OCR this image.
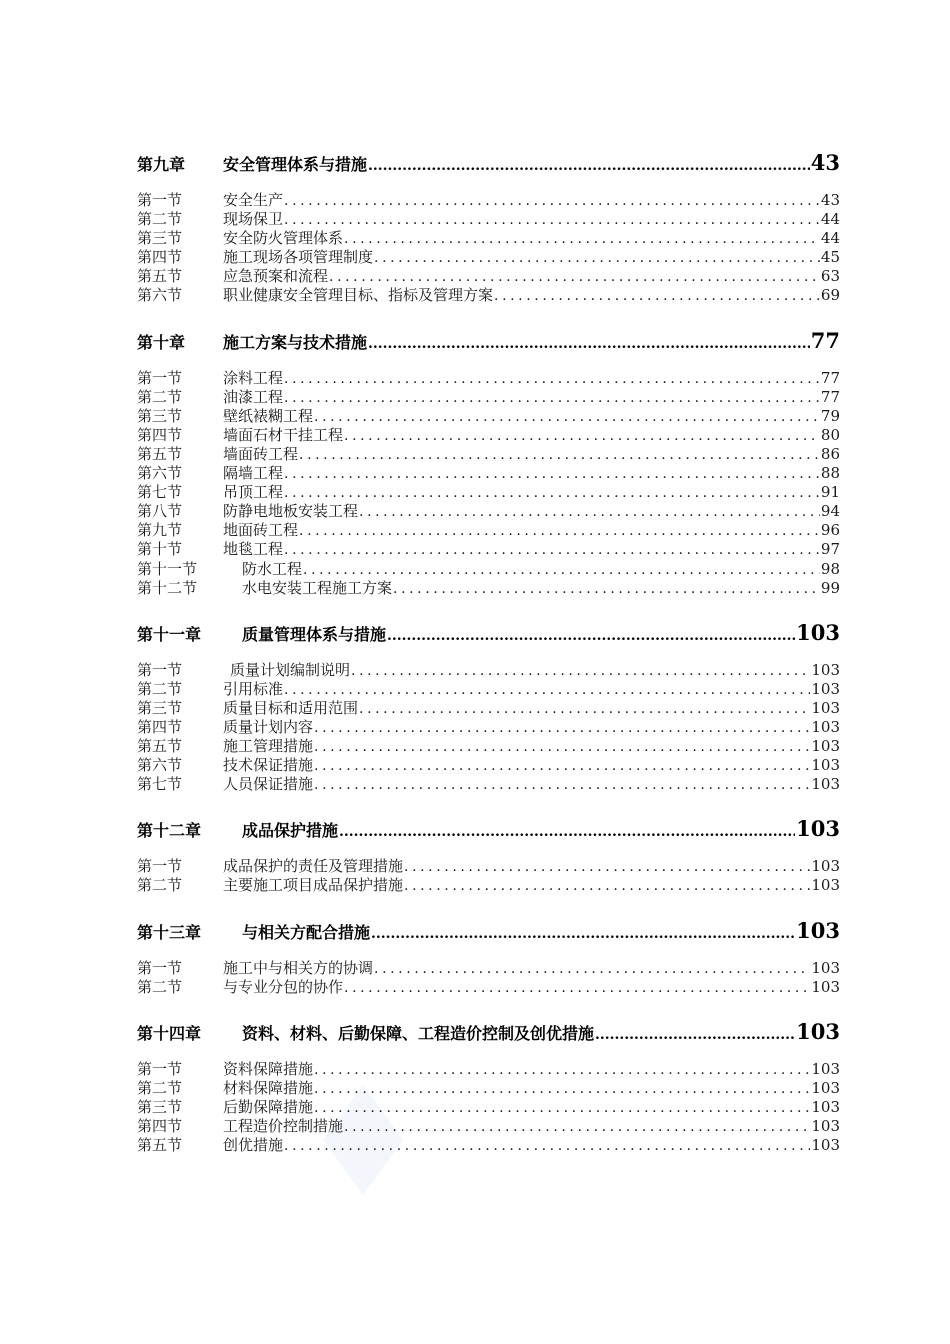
第九章	安全管理体系与措施 .....	43
第一节	安全生产 .....	43
第二节	现场保卫 .....	44
第三节	安全防火管理体系 .....	44
第四节	施工现场各项管理制度 .....	45
第五节	应急预案和流程 .....	63
第六节	职业健康安全管理目标、指标及管理方案 .....	69
第十章	施工方案与技术措施 .....	77
第一节	涂料工程 .....	77
第二节	油漆工程 .....	77
第三节	壁纸裱糊工程 .....	79
第四节	墙面石材干挂工程 .....	80
第五节	墙面砖工程 .....	86
第六节	隔墙工程 .....	88
第七节	吊顶工程 .....	91
第八节	防静电地板安装工程 .....	94
第九节	地面砖工程 .....	96
第十节	地毯工程 .....	97
第十一节	防水工程 .....	98
第十二节	水电安装工程施工方案 .....	99
第十一章	质量管理体系与措施 .....	103
第一节	质量计划编制说明 .....	103
第二节	引用标准 .....	103
第三节	质量目标和适用范围 .....	103
第四节	质量计划内容 .....	103
第五节	施工管理措施 .....	103
第六节	技术保证措施 .....	103
第七节	人员保证措施 .....	103
第十二章	成品保护措施 .....	103
第一节	成品保护的责任及管理措施 .....	103
第二节	主要施工项目成品保护措施 .....	103
第十三章	与相关方配合措施 .....	103
第一节	施工中与相关方的协调 .....	103
第二节	与专业分包的协作 .....	103
第十四章	资料、材料、后勤保障、工程造价控制及创优措施 .....	103
第一节	资料保障措施 .....	103
第二节	材料保障措施 .....	103
第三节	后勤保障措施 .....	103
第四节	工程造价控制措施 .....	103
第五节	创优措施 .....	103
